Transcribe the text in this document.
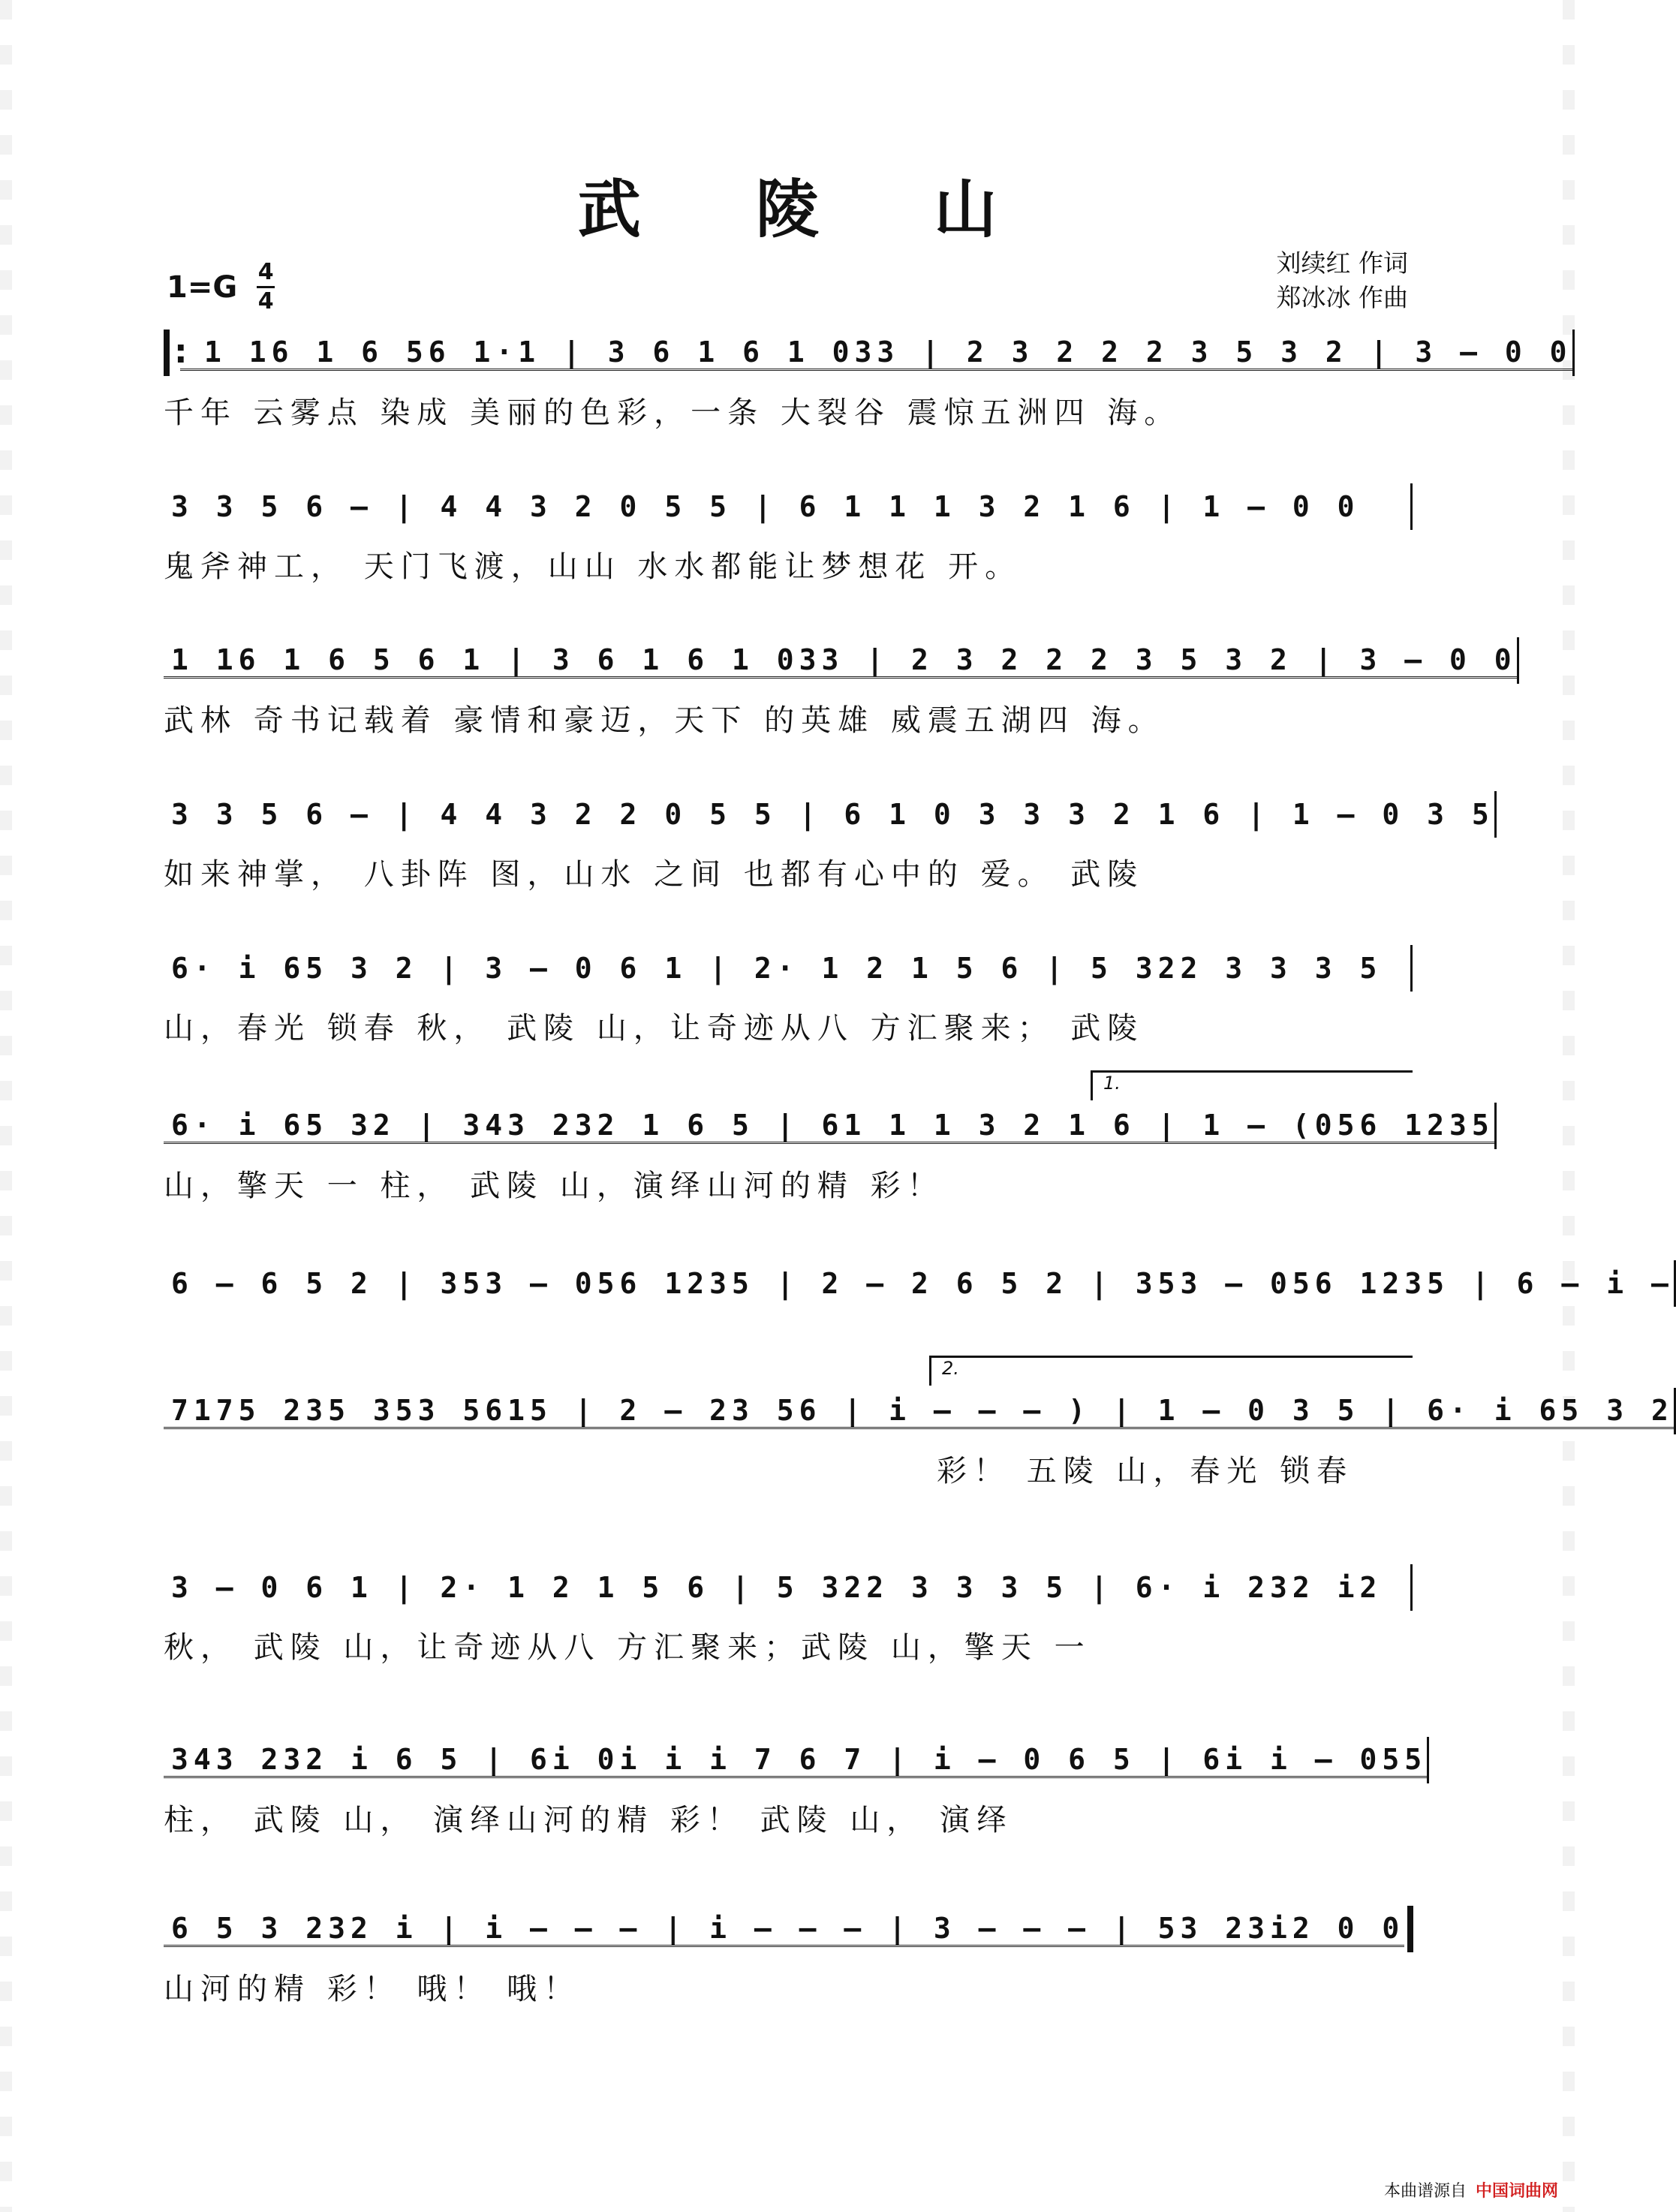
武 陵 山
1=G 4
4
刘续红 作词
郑冰冰 作曲
:
1 16 1 6 56 1·1 | 3 6 1 6 1 033 | 2 3 2 2 2 3 5 3 2 | 3 – 0 0
千年 云雾点 染成 美丽的色彩，一条 大裂谷 震惊五洲四 海。
3 3 5 6 – | 4 4 3 2 0 5 5 | 6 1 1 1 3 2 1 6 | 1 – 0 0
鬼斧神工， 天门飞渡，山山 水水都能让梦想花 开。
1 16 1 6 5 6 1 | 3 6 1 6 1 033 | 2 3 2 2 2 3 5 3 2 | 3 – 0 0
武林 奇书记载着 豪情和豪迈，天下 的英雄 威震五湖四 海。
3 3 5 6 – | 4 4 3 2 2 0 5 5 | 6 1 0 3 3 3 2 1 6 | 1 – 0 3 5
如来神掌， 八卦阵 图，山水 之间 也都有心中的 爱。 武陵
6· i 65 3 2 | 3 – 0 6 1 | 2· 1 2 1 5 6 | 5 322 3 3 3 5
山，春光 锁春 秋， 武陵 山，让奇迹从八 方汇聚来； 武陵
1.
6· i 65 32 | 343 232 1 6 5 | 61 1 1 3 2 1 6 | 1 – (056 1235
山，擎天 一 柱， 武陵 山，演绎山河的精 彩！
6 – 6 5 2 | 353 – 056 1235 | 2 – 2 6 5 2 | 353 – 056 1235 | 6 – i –
2.
7175 235 353 5615 | 2 – 23 56 | i – – – ) | 1 – 0 3 5 | 6· i 65 3 2
彩！ 五陵 山，春光 锁春
3 – 0 6 1 | 2· 1 2 1 5 6 | 5 322 3 3 3 5 | 6· i 232 i2
秋， 武陵 山，让奇迹从八 方汇聚来；武陵 山，擎天 一
343 232 i 6 5 | 6i 0i i i 7 6 7 | i – 0 6 5 | 6i i – 055
柱， 武陵 山， 演绎山河的精 彩！ 武陵 山， 演绎
6 5 3 232 i | i – – – | i – – – | 3 – – – | 53 23i2 0 0
山河的精 彩！ 哦！ 哦！
本曲谱源自 中国词曲网
